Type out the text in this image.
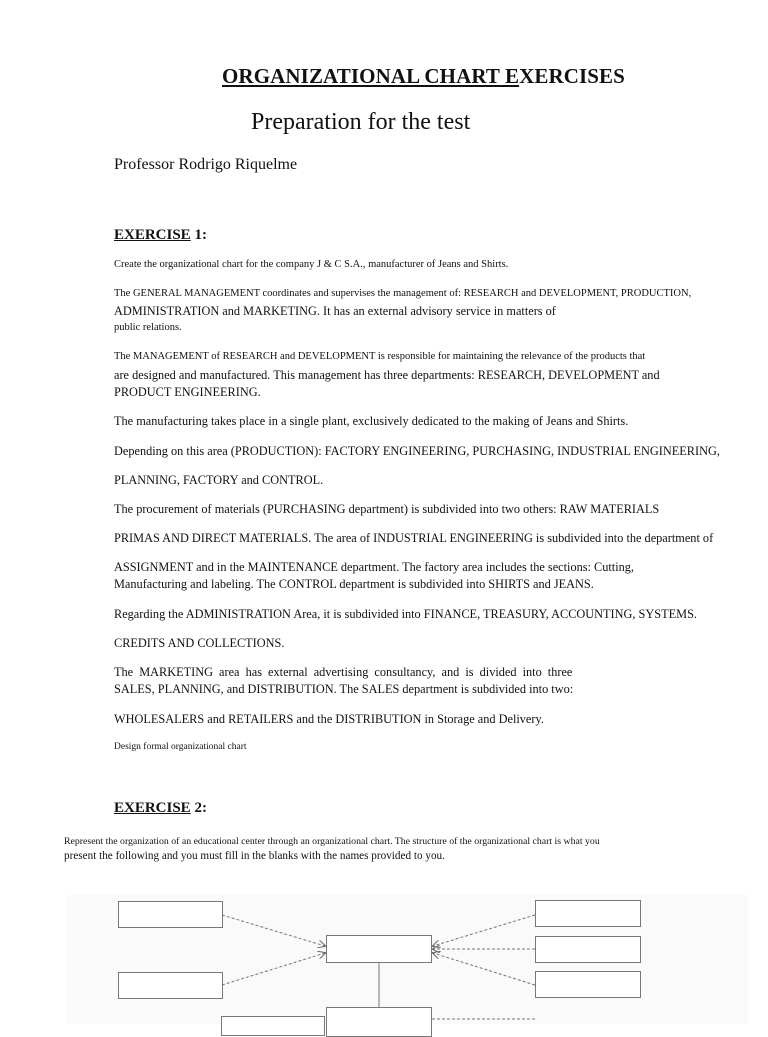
ORGANIZATIONAL CHART EXERCISES
Preparation for the test
Professor Rodrigo Riquelme
EXERCISE 1:
Create the organizational chart for the company J & C S.A., manufacturer of Jeans and Shirts.
The GENERAL MANAGEMENT coordinates and supervises the management of: RESEARCH and DEVELOPMENT, PRODUCTION,
ADMINISTRATION and MARKETING. It has an external advisory service in matters of
public relations.
The MANAGEMENT of RESEARCH and DEVELOPMENT is responsible for maintaining the relevance of the products that
are designed and manufactured. This management has three departments: RESEARCH, DEVELOPMENT and
PRODUCT ENGINEERING.
The manufacturing takes place in a single plant, exclusively dedicated to the making of Jeans and Shirts.
Depending on this area (PRODUCTION): FACTORY ENGINEERING, PURCHASING, INDUSTRIAL ENGINEERING,
PLANNING, FACTORY and CONTROL.
The procurement of materials (PURCHASING department) is subdivided into two others: RAW MATERIALS
PRIMAS AND DIRECT MATERIALS. The area of INDUSTRIAL ENGINEERING is subdivided into the department of
ASSIGNMENT and in the MAINTENANCE department. The factory area includes the sections: Cutting,
Manufacturing and labeling. The CONTROL department is subdivided into SHIRTS and JEANS.
Regarding the ADMINISTRATION Area, it is subdivided into FINANCE, TREASURY, ACCOUNTING, SYSTEMS.
CREDITS AND COLLECTIONS.
The MARKETING area has external advertising consultancy, and is divided into three
SALES, PLANNING, and DISTRIBUTION. The SALES department is subdivided into two:
WHOLESALERS and RETAILERS and the DISTRIBUTION in Storage and Delivery.
Design formal organizational chart
EXERCISE 2:
Represent the organization of an educational center through an organizational chart. The structure of the organizational chart is what you
present the following and you must fill in the blanks with the names provided to you.
